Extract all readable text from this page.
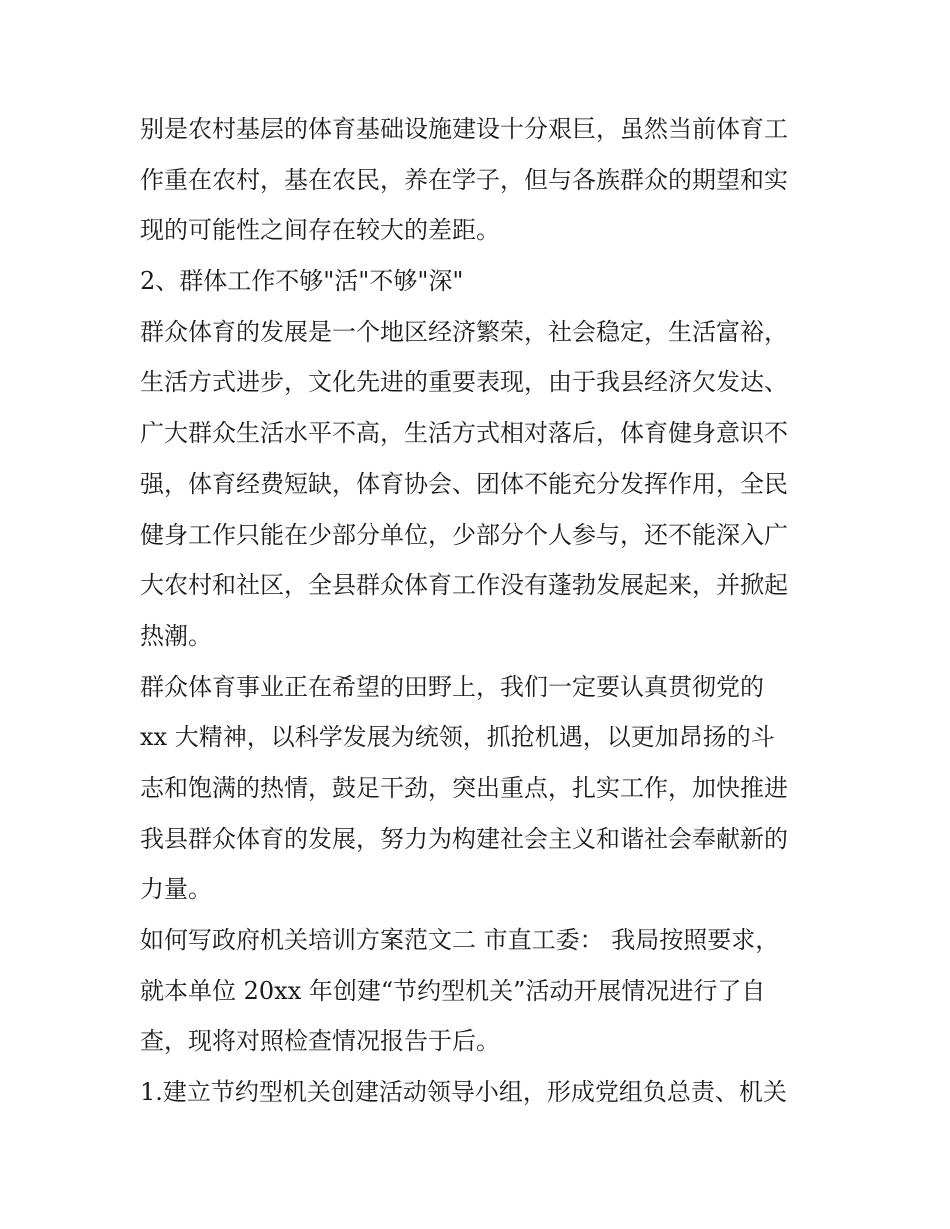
别是农村基层的体育基础设施建设十分艰巨，虽然当前体育工
作重在农村，基在农民，养在学子，但与各族群众的期望和实
现的可能性之间存在较大的差距。
2、群体工作不够"活"不够"深"
群众体育的发展是一个地区经济繁荣，社会稳定，生活富裕，
生活方式进步，文化先进的重要表现，由于我县经济欠发达、
广大群众生活水平不高，生活方式相对落后，体育健身意识不
强，体育经费短缺，体育协会、团体不能充分发挥作用，全民
健身工作只能在少部分单位，少部分个人参与，还不能深入广
大农村和社区，全县群众体育工作没有蓬勃发展起来，并掀起
热潮。
群众体育事业正在希望的田野上，我们一定要认真贯彻党的
xx 大精神，以科学发展为统领，抓抢机遇，以更加昂扬的斗
志和饱满的热情，鼓足干劲，突出重点，扎实工作，加快推进
我县群众体育的发展，努力为构建社会主义和谐社会奉献新的
力量。
如何写政府机关培训方案范文二 市直工委： 我局按照要求，
就本单位 20xx 年创建“节约型机关”活动开展情况进行了自
查，现将对照检查情况报告于后。
1.建立节约型机关创建活动领导小组，形成党组负总责、机关
